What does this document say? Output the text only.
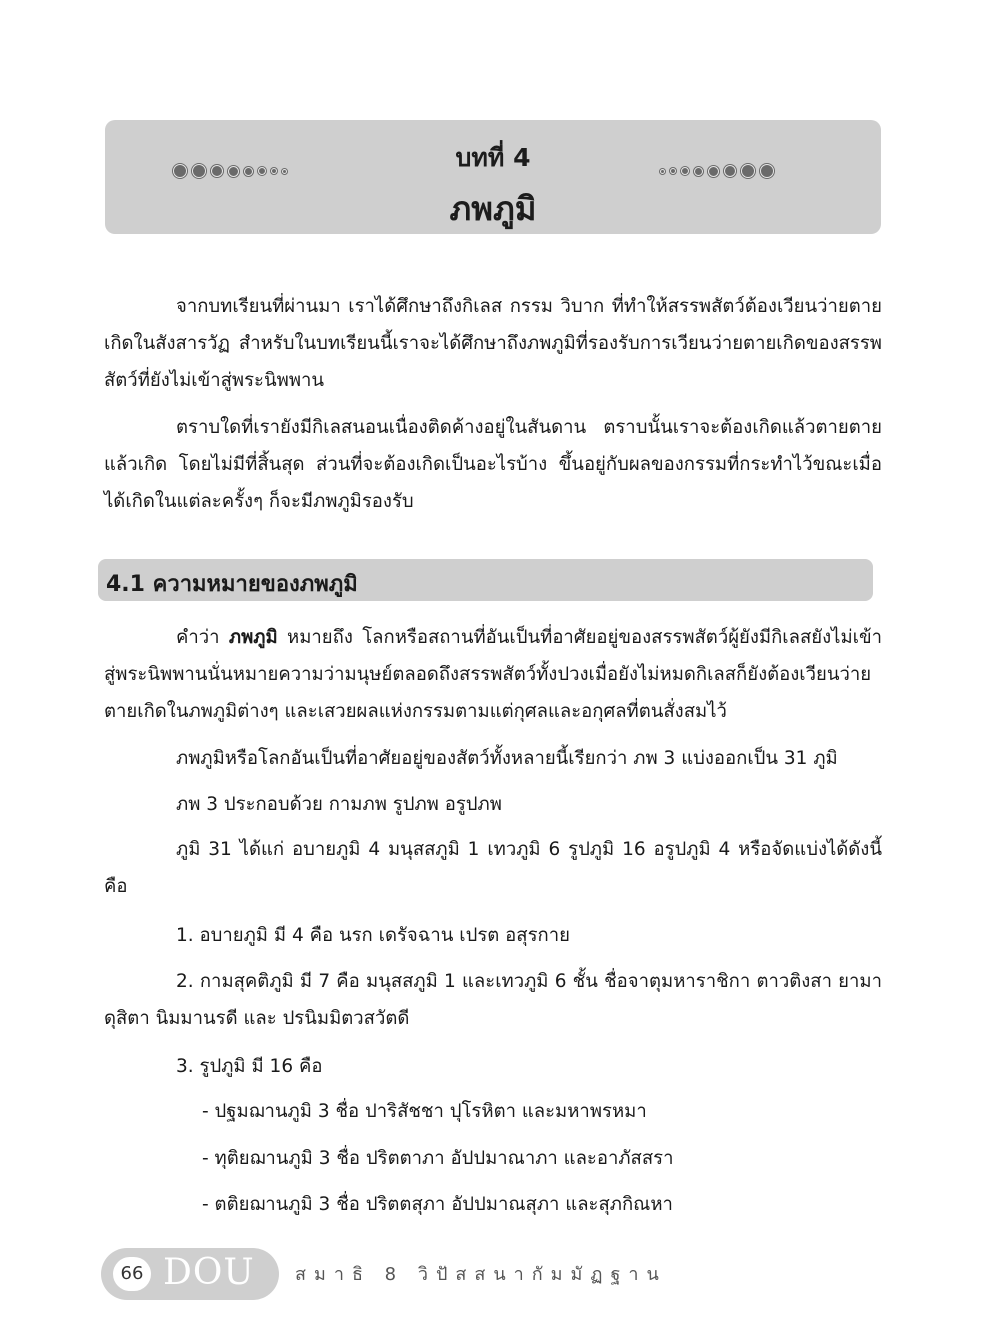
บทที่ 4
ภพภูมิ

จากบทเรียนที่ผ่านมา เราได้ศึกษาถึงกิเลส กรรม วิบาก ที่ทำให้สรรพสัตว์ต้องเวียนว่ายตายเกิดในสังสารวัฏ สำหรับในบทเรียนนี้เราจะได้ศึกษาถึงภพภูมิที่รองรับการเวียนว่ายตายเกิดของสรรพสัตว์ที่ยังไม่เข้าสู่พระนิพพาน

ตราบใดที่เรายังมีกิเลสนอนเนื่องติดค้างอยู่ในสันดาน ตราบนั้นเราจะต้องเกิดแล้วตายตายแล้วเกิด โดยไม่มีที่สิ้นสุด ส่วนที่จะต้องเกิดเป็นอะไรบ้าง ขึ้นอยู่กับผลของกรรมที่กระทำไว้ขณะเมื่อได้เกิดในแต่ละครั้งๆ ก็จะมีภพภูมิรองรับ

4.1 ความหมายของภพภูมิ

คำว่า ภพภูมิ หมายถึง โลกหรือสถานที่อันเป็นที่อาศัยอยู่ของสรรพสัตว์ผู้ยังมีกิเลสยังไม่เข้าสู่พระนิพพานนั่นหมายความว่ามนุษย์ตลอดถึงสรรพสัตว์ทั้งปวงเมื่อยังไม่หมดกิเลสก็ยังต้องเวียนว่ายตายเกิดในภพภูมิต่างๆ และเสวยผลแห่งกรรมตามแต่กุศลและอกุศลที่ตนสั่งสมไว้

ภพภูมิหรือโลกอันเป็นที่อาศัยอยู่ของสัตว์ทั้งหลายนี้เรียกว่า ภพ 3 แบ่งออกเป็น 31 ภูมิ

ภพ 3 ประกอบด้วย กามภพ รูปภพ อรูปภพ

ภูมิ 31 ได้แก่ อบายภูมิ 4 มนุสสภูมิ 1 เทวภูมิ 6 รูปภูมิ 16 อรูปภูมิ 4 หรือจัดแบ่งได้ดังนี้ คือ

1. อบายภูมิ มี 4 คือ นรก เดรัจฉาน เปรต อสุรกาย

2. กามสุคติภูมิ มี 7 คือ มนุสสภูมิ 1 และเทวภูมิ 6 ชั้น ชื่อจาตุมหาราชิกา ตาวติงสา ยามา ดุสิตา นิมมานรดี และ ปรนิมมิตวสวัตดี

3. รูปภูมิ มี 16 คือ

- ปฐมฌานภูมิ 3 ชื่อ ปาริสัชชา ปุโรหิตา และมหาพรหมา

- ทุติยฌานภูมิ 3 ชื่อ ปริตตาภา อัปปมาณาภา และอาภัสสรา

- ตติยฌานภูมิ 3 ชื่อ ปริตตสุภา อัปปมาณสุภา และสุภกิณหา

66 DOU สมาธิ 8 วิปัสสนากัมมัฏฐาน
